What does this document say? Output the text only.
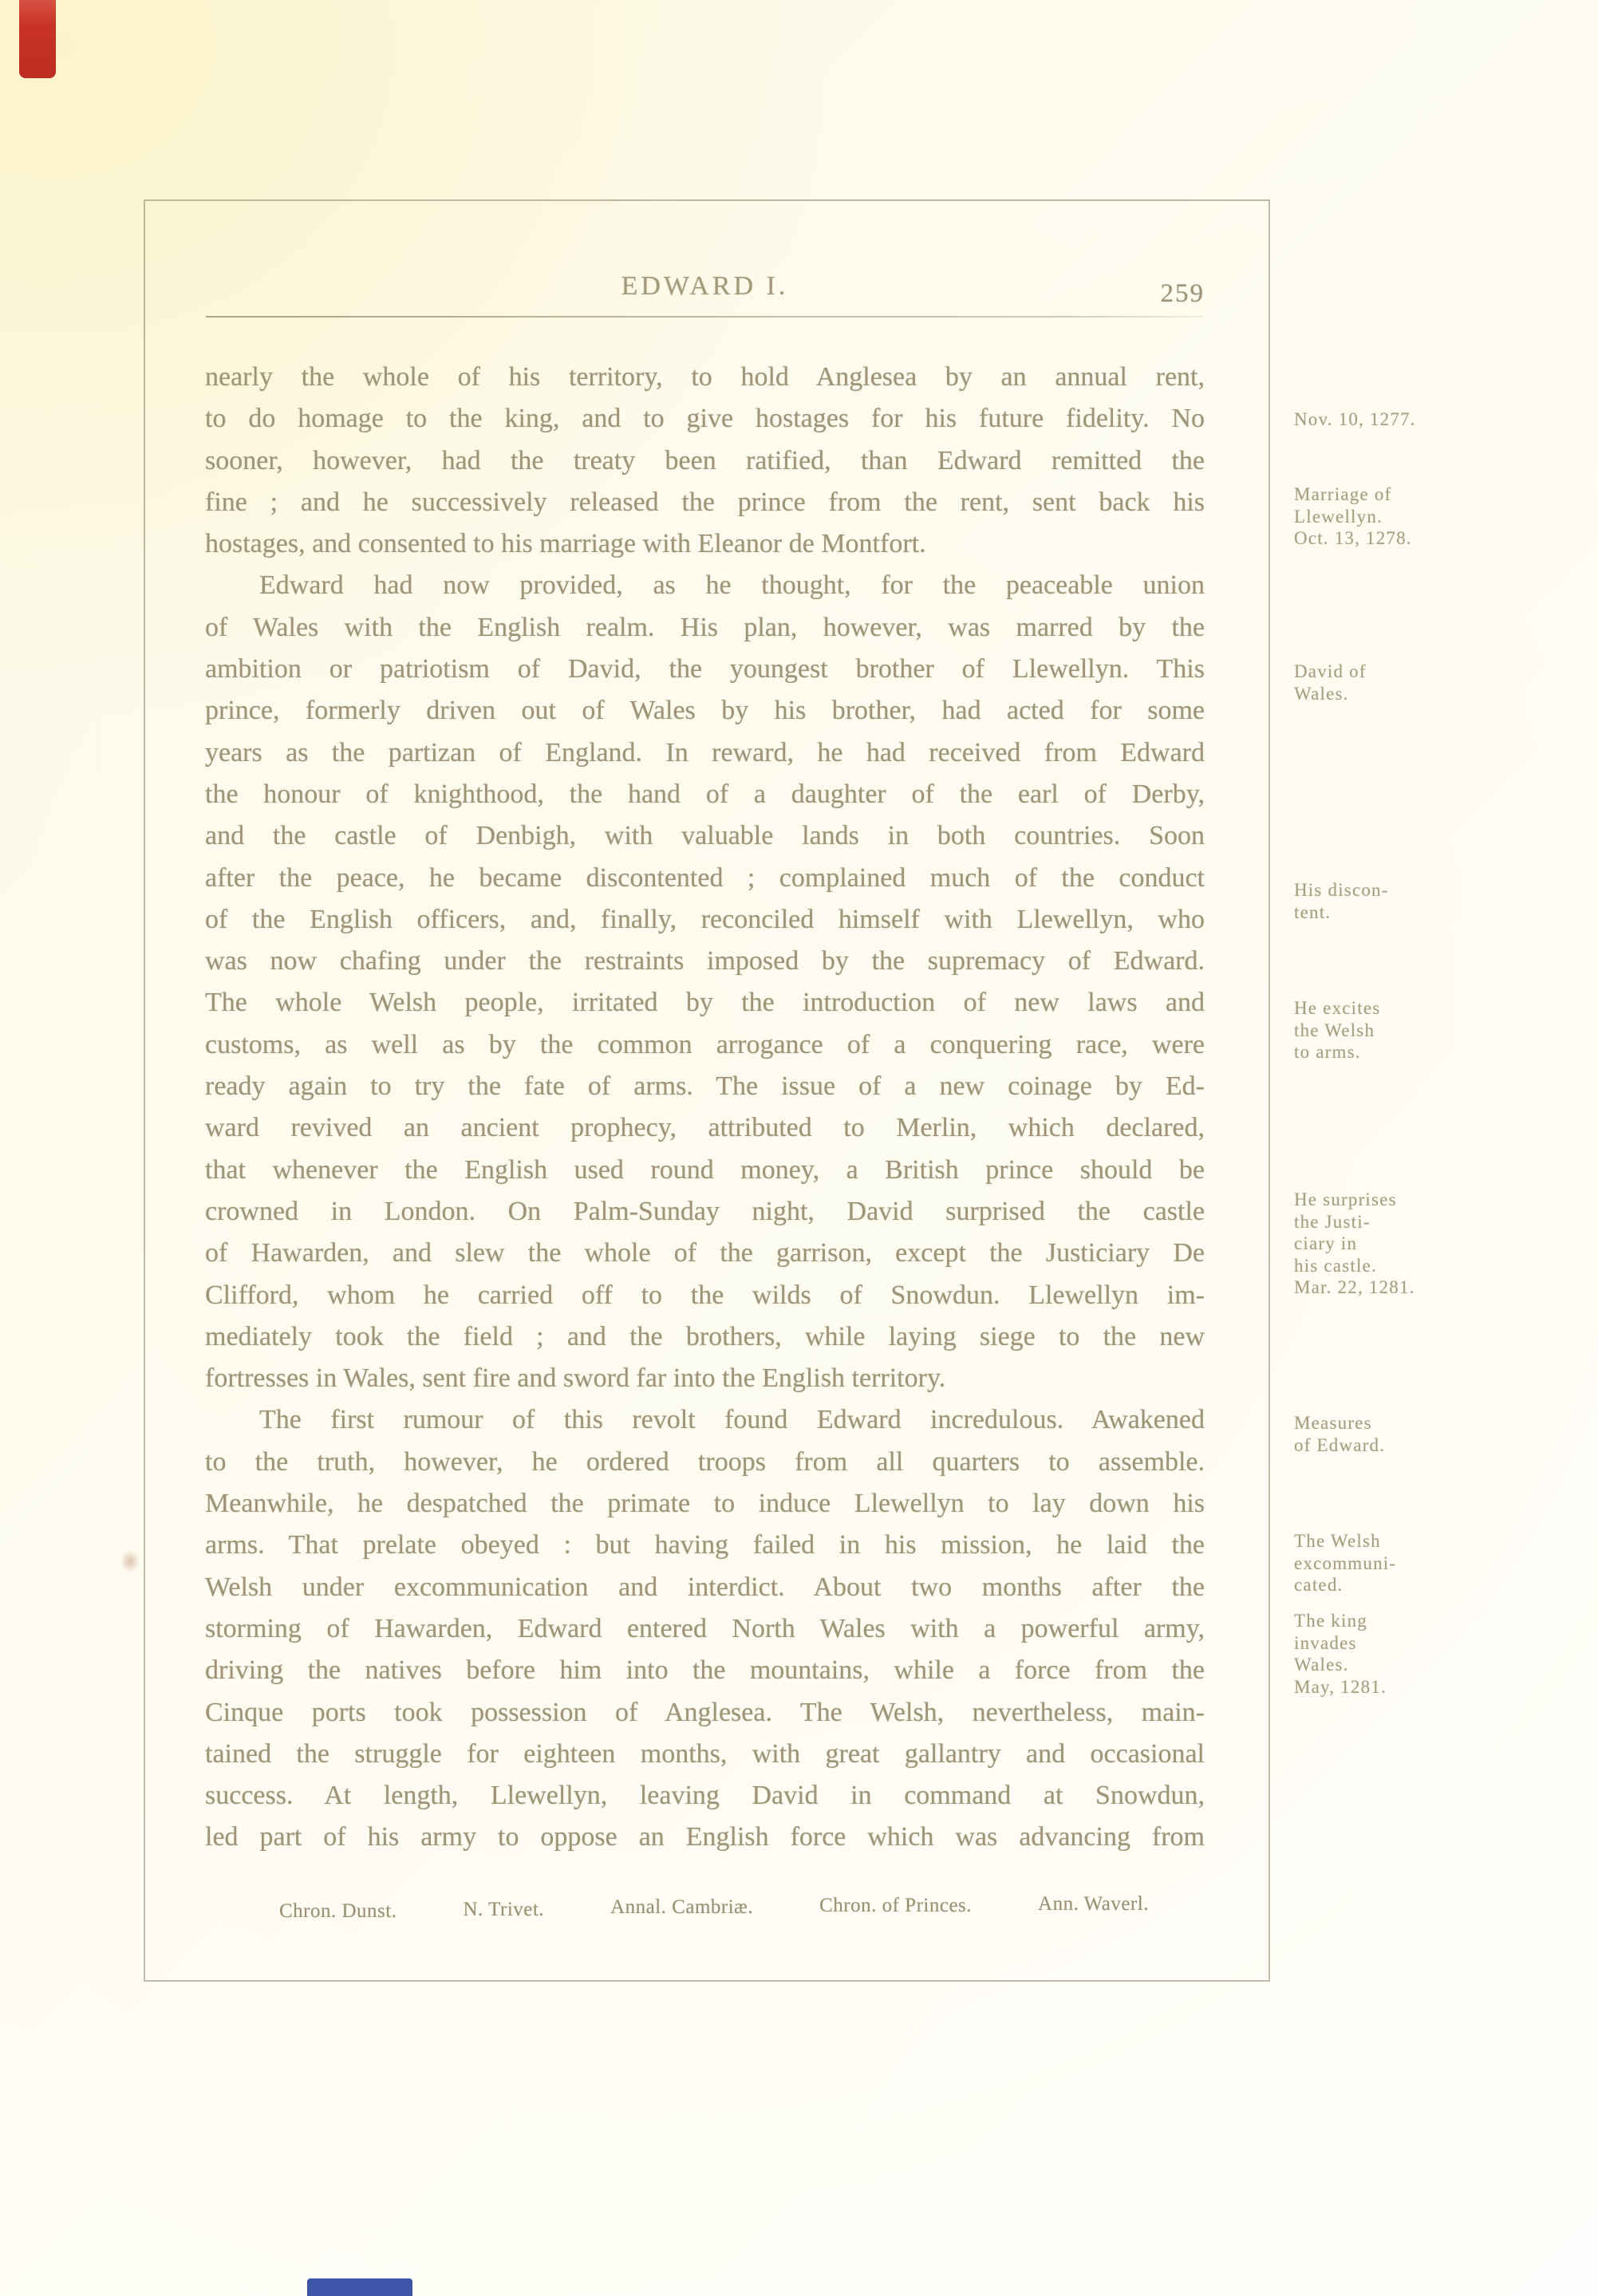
EDWARD I.	259
nearly the whole of his territory, to hold Anglesea by an annual rent,
to do homage to the king, and to give hostages for his future fidelity. No
sooner, however, had the treaty been ratified, than Edward remitted the
fine ; and he successively released the prince from the rent, sent back his
hostages, and consented to his marriage with Eleanor de Montfort.
Edward had now provided, as he thought, for the peaceable union
of Wales with the English realm. His plan, however, was marred by the
ambition or patriotism of David, the youngest brother of Llewellyn. This
prince, formerly driven out of Wales by his brother, had acted for some
years as the partizan of England. In reward, he had received from Edward
the honour of knighthood, the hand of a daughter of the earl of Derby,
and the castle of Denbigh, with valuable lands in both countries. Soon
after the peace, he became discontented ; complained much of the conduct
of the English officers, and, finally, reconciled himself with Llewellyn, who
was now chafing under the restraints imposed by the supremacy of Edward.
The whole Welsh people, irritated by the introduction of new laws and
customs, as well as by the common arrogance of a conquering race, were
ready again to try the fate of arms. The issue of a new coinage by Ed-
ward revived an ancient prophecy, attributed to Merlin, which declared,
that whenever the English used round money, a British prince should be
crowned in London. On Palm-Sunday night, David surprised the castle
of Hawarden, and slew the whole of the garrison, except the Justiciary De
Clifford, whom he carried off to the wilds of Snowdun. Llewellyn im-
mediately took the field ; and the brothers, while laying siege to the new
fortresses in Wales, sent fire and sword far into the English territory.
The first rumour of this revolt found Edward incredulous. Awakened
to the truth, however, he ordered troops from all quarters to assemble.
Meanwhile, he despatched the primate to induce Llewellyn to lay down his
arms. That prelate obeyed : but having failed in his mission, he laid the
Welsh under excommunication and interdict. About two months after the
storming of Hawarden, Edward entered North Wales with a powerful army,
driving the natives before him into the mountains, while a force from the
Cinque ports took possession of Anglesea. The Welsh, nevertheless, main-
tained the struggle for eighteen months, with great gallantry and occasional
success. At length, Llewellyn, leaving David in command at Snowdun,
led part of his army to oppose an English force which was advancing from
Nov. 10, 1277.
Marriage of
Llewellyn.
Oct. 13, 1278.
David of
Wales.
His discon-
tent.
He excites
the Welsh
to arms.
He surprises
the Justi-
ciary in
his castle.
Mar. 22, 1281.
Measures
of Edward.
The Welsh
excommuni-
cated.
The king
invades
Wales.
May, 1281.
Chron. Dunst.	N. Trivet.	Annal. Cambriæ.	Chron. of Princes.	Ann. Waverl.
